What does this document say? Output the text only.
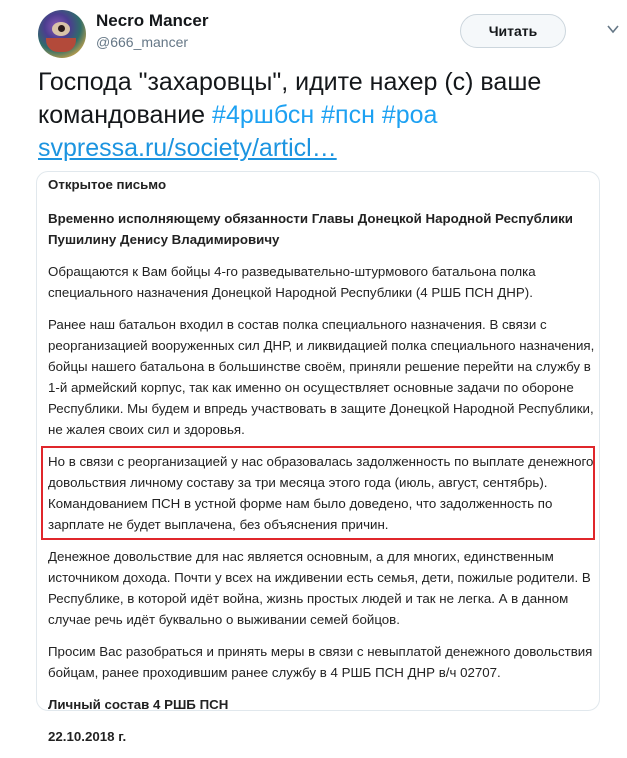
Necro Mancer
@666_mancer
Читать
Господа "захаровцы", идите нахер (с) ваше командование #4ршбсн #псн #роа
svpressa.ru/society/articl…

Открытое письмо

Временно исполняющему обязанности Главы Донецкой Народной Республики Пушилину Денису Владимировичу

Обращаются к Вам бойцы 4-го разведывательно-штурмового батальона полка специального назначения Донецкой Народной Республики (4 РШБ ПСН ДНР).

Ранее наш батальон входил в состав полка специального назначения. В связи с реорганизацией вооруженных сил ДНР, и ликвидацией полка специального назначения, бойцы нашего батальона в большинстве своём, приняли решение перейти на службу в 1-й армейский корпус, так как именно он осуществляет основные задачи по обороне Республики. Мы будем и впредь участвовать в защите Донецкой Народной Республики, не жалея своих сил и здоровья.

Но в связи с реорганизацией у нас образовалась задолженность по выплате денежного довольствия личному составу за три месяца этого года (июль, август, сентябрь). Командованием ПСН в устной форме нам было доведено, что задолженность по зарплате не будет выплачена, без объяснения причин.

Денежное довольствие для нас является основным, а для многих, единственным источником дохода. Почти у всех на иждивении есть семья, дети, пожилые родители. В Республике, в которой идёт война, жизнь простых людей и так не легка. А в данном случае речь идёт буквально о выживании семей бойцов.

Просим Вас разобраться и принять меры в связи с невыплатой денежного довольствия бойцам, ранее проходившим ранее службу в 4 РШБ ПСН ДНР в/ч 02707.

Личный состав 4 РШБ ПСН

22.10.2018 г.
